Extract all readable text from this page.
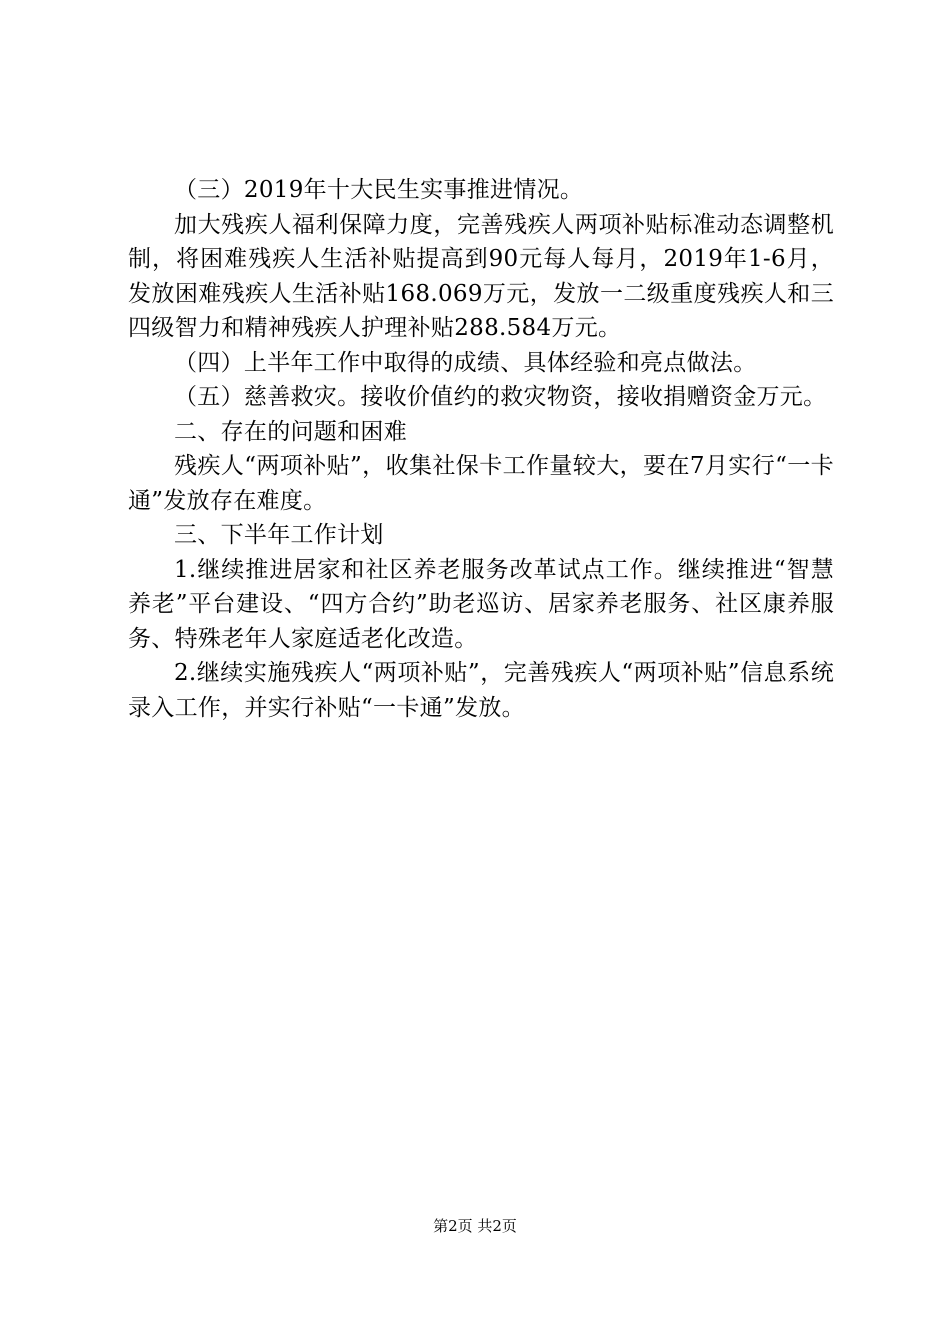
（三）2019年十大民生实事推进情况。

加大残疾人福利保障力度，完善残疾人两项补贴标准动态调整机制，将困难残疾人生活补贴提高到90元每人每月，2019年1-6月，发放困难残疾人生活补贴168.069万元，发放一二级重度残疾人和三四级智力和精神残疾人护理补贴288.584万元。

（四）上半年工作中取得的成绩、具体经验和亮点做法。

（五）慈善救灾。接收价值约的救灾物资，接收捐赠资金万元。

二、存在的问题和困难

残疾人“两项补贴”，收集社保卡工作量较大，要在7月实行“一卡通”发放存在难度。

三、下半年工作计划

1.继续推进居家和社区养老服务改革试点工作。继续推进“智慧养老”平台建设、“四方合约”助老巡访、居家养老服务、社区康养服务、特殊老年人家庭适老化改造。

2.继续实施残疾人“两项补贴”，完善残疾人“两项补贴”信息系统录入工作，并实行补贴“一卡通”发放。

第2页 共2页
